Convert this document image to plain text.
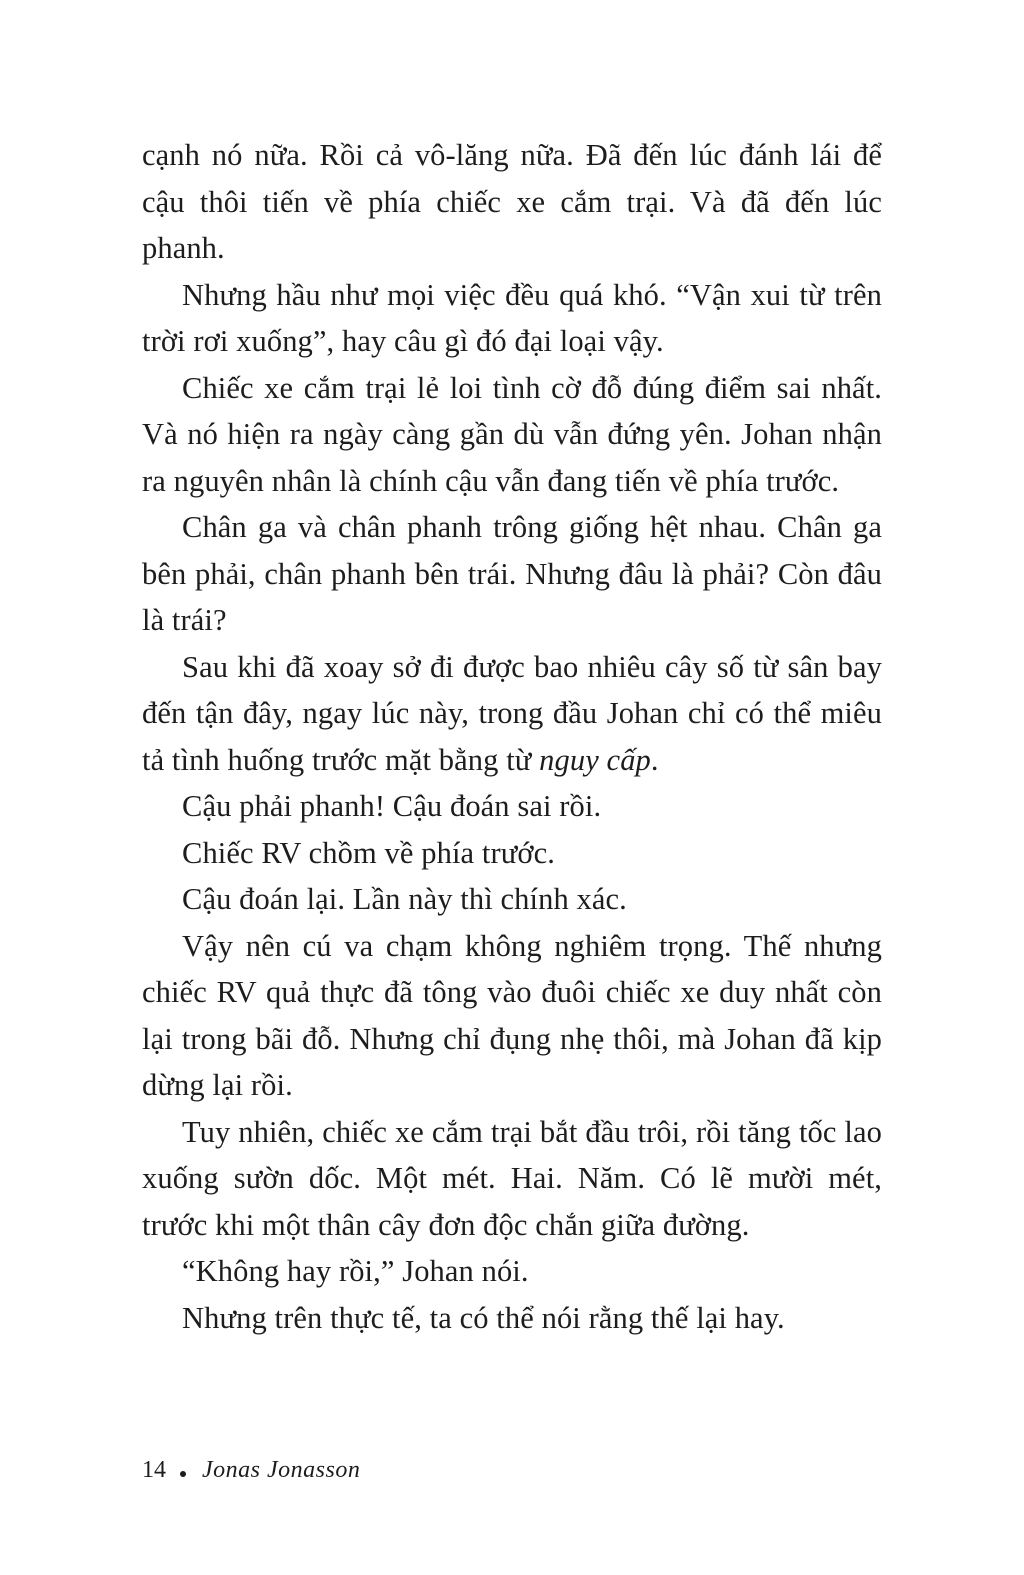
cạnh nó nữa. Rồi cả vô-lăng nữa. Đã đến lúc đánh lái để cậu thôi tiến về phía chiếc xe cắm trại. Và đã đến lúc phanh.

Nhưng hầu như mọi việc đều quá khó. “Vận xui từ trên trời rơi xuống”, hay câu gì đó đại loại vậy.

Chiếc xe cắm trại lẻ loi tình cờ đỗ đúng điểm sai nhất. Và nó hiện ra ngày càng gần dù vẫn đứng yên. Johan nhận ra nguyên nhân là chính cậu vẫn đang tiến về phía trước.

Chân ga và chân phanh trông giống hệt nhau. Chân ga bên phải, chân phanh bên trái. Nhưng đâu là phải? Còn đâu là trái?

Sau khi đã xoay sở đi được bao nhiêu cây số từ sân bay đến tận đây, ngay lúc này, trong đầu Johan chỉ có thể miêu tả tình huống trước mặt bằng từ nguy cấp.

Cậu phải phanh! Cậu đoán sai rồi.

Chiếc RV chồm về phía trước.

Cậu đoán lại. Lần này thì chính xác.

Vậy nên cú va chạm không nghiêm trọng. Thế nhưng chiếc RV quả thực đã tông vào đuôi chiếc xe duy nhất còn lại trong bãi đỗ. Nhưng chỉ đụng nhẹ thôi, mà Johan đã kịp dừng lại rồi.

Tuy nhiên, chiếc xe cắm trại bắt đầu trôi, rồi tăng tốc lao xuống sườn dốc. Một mét. Hai. Năm. Có lẽ mười mét, trước khi một thân cây đơn độc chắn giữa đường.

“Không hay rồi,” Johan nói.

Nhưng trên thực tế, ta có thể nói rằng thế lại hay.

14 Jonas Jonasson
